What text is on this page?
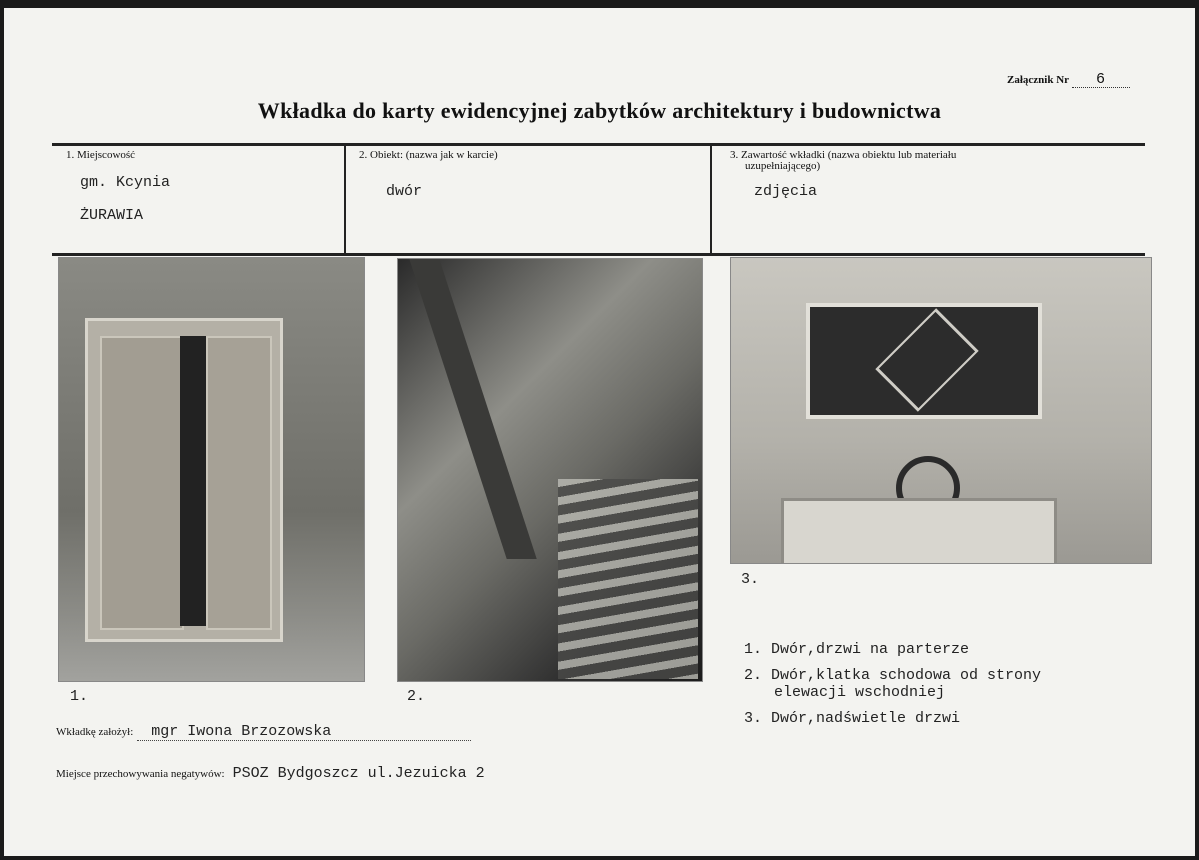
Załącznik Nr 6
Wkładka do karty ewidencyjnej zabytków architektury i budownictwa
1. Miejscowość
gm. Kcynia
ŻURAWIA
2. Obiekt: (nazwa jak w karcie)
dwór
3. Zawartość wkładki (nazwa obiektu lub materiału
uzupełniającego)
zdjęcia
1.	2.
3.
1. Dwór,drzwi na parterze
2. Dwór,klatka schodowa od strony
elewacji wschodniej
3. Dwór,nadświetle drzwi
Wkładkę założył: mgr Iwona Brzozowska
Miejsce przechowywania negatywów: PSOZ Bydgoszcz ul.Jezuicka 2
